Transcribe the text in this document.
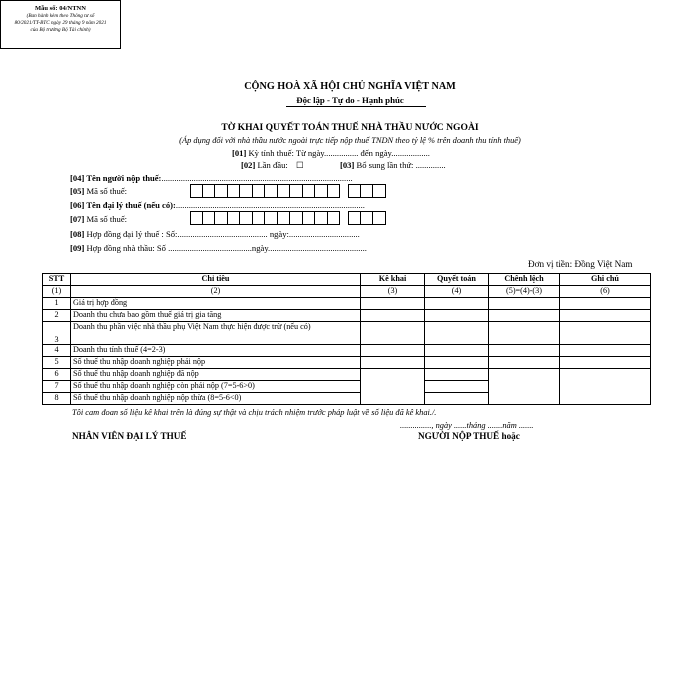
Mẫu số: 04/NTNN
(Ban hành kèm theo Thông tư số
80/2021/TT-BTC ngày 29 tháng 9 năm 2021
của Bộ trưởng Bộ Tài chính)
CỘNG HOÀ XÃ HỘI CHỦ NGHĨA VIỆT NAM
Độc lập - Tự do - Hạnh phúc
TỜ KHAI QUYẾT TOÁN THUẾ NHÀ THẦU NƯỚC NGOÀI
(Áp dụng đối với nhà thầu nước ngoài trực tiếp nộp thuế TNDN theo tỷ lệ % trên doanh thu tính thuế)
[01] Kỳ tính thuế: Từ ngày................ đến ngày..................
[02] Lần đầu: ☐	[03] Bổ sung lần thứ: ..............
[04] Tên người nộp thuế:.........................................................................................
[05] Mã số thuế:
[06] Tên đại lý thuế (nếu có):........................................................................................
[07] Mã số thuế:
[08] Hợp đồng đại lý thuế : Số:.......................................... ngày:.................................
[09] Hợp đồng nhà thầu: Số .......................................ngày..............................................
Đơn vị tiền: Đồng Việt Nam
STT	Chỉ tiêu	Kê khai	Quyết toán	Chênh lệch	Ghi chú
(1)	(2)	(3)	(4)	(5)=(4)-(3)	(6)
1	Giá trị hợp đồng				
2	Doanh thu chưa bao gồm thuế giá trị gia tăng				
3	Doanh thu phần việc nhà thầu phụ Việt Nam thực hiện được trừ (nếu có)				
4	Doanh thu tính thuế (4=2-3)				
5	Số thuế thu nhập doanh nghiệp phải nộp				
6	Số thuế thu nhập doanh nghiệp đã nộp				
7	Số thuế thu nhập doanh nghiệp còn phải nộp (7=5-6>0)				
8	Số thuế thu nhập doanh nghiệp nộp thừa (8=5-6<0)				
Tôi cam đoan số liệu kê khai trên là đúng sự thật và chịu trách nhiệm trước pháp luật về số liệu đã kê khai./.
..............., ngày ......tháng .......năm .......
NHÂN VIÊN ĐẠI LÝ THUẾ	NGƯỜI NỘP THUẾ hoặc
